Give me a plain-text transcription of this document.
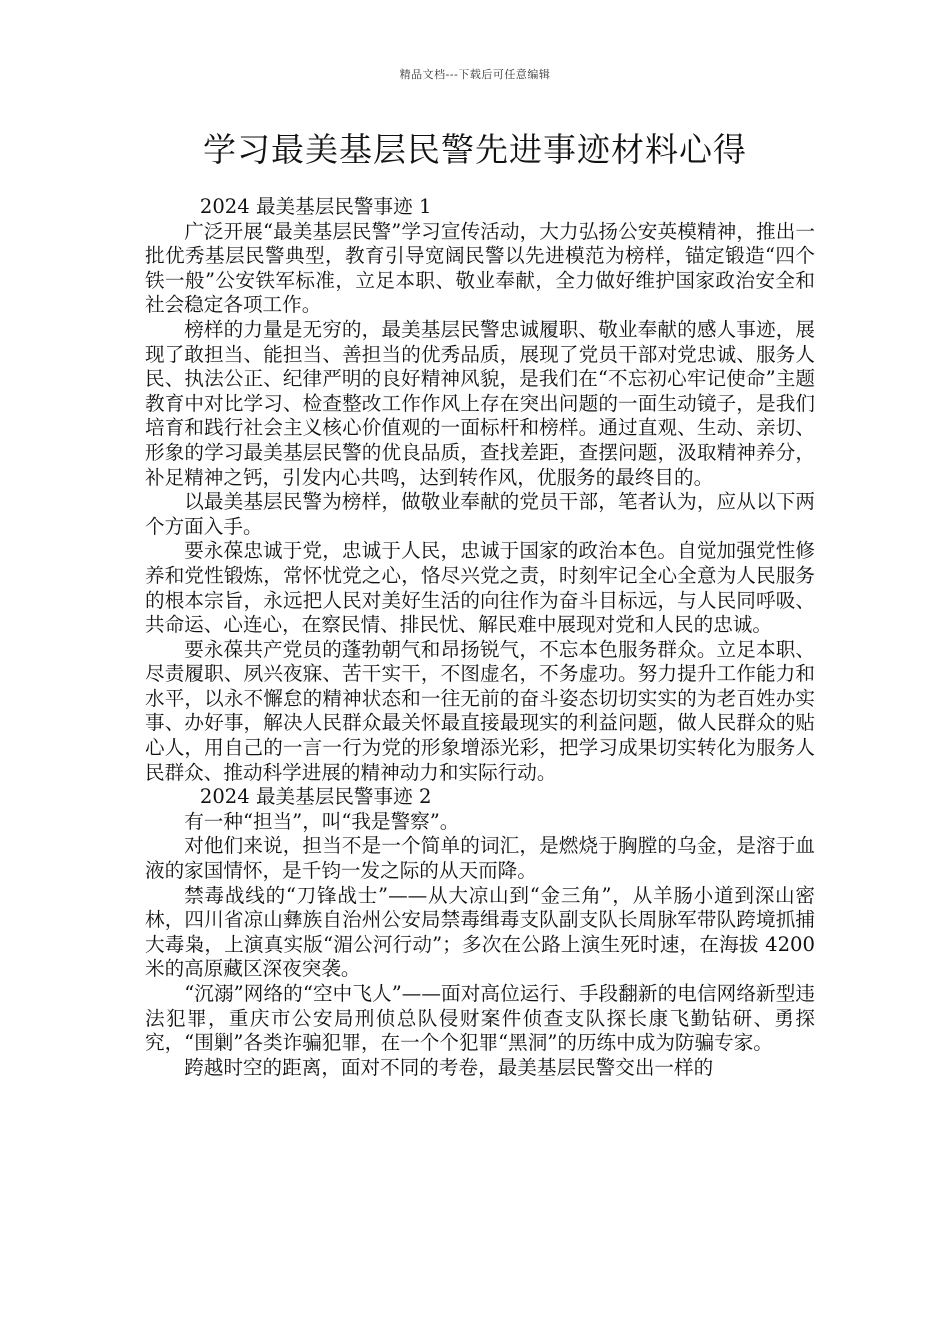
精品文档---下载后可任意编辑
学习最美基层民警先进事迹材料心得

2024 最美基层民警事迹 1

广泛开展“最美基层民警”学习宣传活动，大力弘扬公安英模精神，推出一批优秀基层民警典型，教育引导宽阔民警以先进模范为榜样，锚定锻造“四个铁一般”公安铁军标准，立足本职、敬业奉献，全力做好维护国家政治安全和社会稳定各项工作。

榜样的力量是无穷的，最美基层民警忠诚履职、敬业奉献的感人事迹，展现了敢担当、能担当、善担当的优秀品质，展现了党员干部对党忠诚、服务人民、执法公正、纪律严明的良好精神风貌，是我们在“不忘初心牢记使命”主题教育中对比学习、检查整改工作作风上存在突出问题的一面生动镜子，是我们培育和践行社会主义核心价值观的一面标杆和榜样。通过直观、生动、亲切、形象的学习最美基层民警的优良品质，查找差距，查摆问题，汲取精神养分，补足精神之钙，引发内心共鸣，达到转作风，优服务的最终目的。

以最美基层民警为榜样，做敬业奉献的党员干部，笔者认为，应从以下两个方面入手。

要永葆忠诚于党，忠诚于人民，忠诚于国家的政治本色。自觉加强党性修养和党性锻炼，常怀忧党之心，恪尽兴党之责，时刻牢记全心全意为人民服务的根本宗旨，永远把人民对美好生活的向往作为奋斗目标远，与人民同呼吸、共命运、心连心，在察民情、排民忧、解民难中展现对党和人民的忠诚。

要永葆共产党员的蓬勃朝气和昂扬锐气，不忘本色服务群众。立足本职、尽责履职、夙兴夜寐、苦干实干，不图虚名，不务虚功。努力提升工作能力和水平，以永不懈怠的精神状态和一往无前的奋斗姿态切切实实的为老百姓办实事、办好事，解决人民群众最关怀最直接最现实的利益问题，做人民群众的贴心人，用自己的一言一行为党的形象增添光彩，把学习成果切实转化为服务人民群众、推动科学进展的精神动力和实际行动。

2024 最美基层民警事迹 2

有一种“担当”，叫“我是警察”。

对他们来说，担当不是一个简单的词汇，是燃烧于胸膛的乌金，是溶于血液的家国情怀，是千钧一发之际的从天而降。

禁毒战线的“刀锋战士”——从大凉山到“金三角”，从羊肠小道到深山密林，四川省凉山彝族自治州公安局禁毒缉毒支队副支队长周脉军带队跨境抓捕大毒枭，上演真实版“湄公河行动”；多次在公路上演生死时速，在海拔 4200 米的高原藏区深夜突袭。

“沉溺”网络的“空中飞人”——面对高位运行、手段翻新的电信网络新型违法犯罪，重庆市公安局刑侦总队侵财案件侦查支队探长康飞勤钻研、勇探究，“围剿”各类诈骗犯罪，在一个个犯罪“黑洞”的历练中成为防骗专家。

跨越时空的距离，面对不同的考卷，最美基层民警交出一样的
